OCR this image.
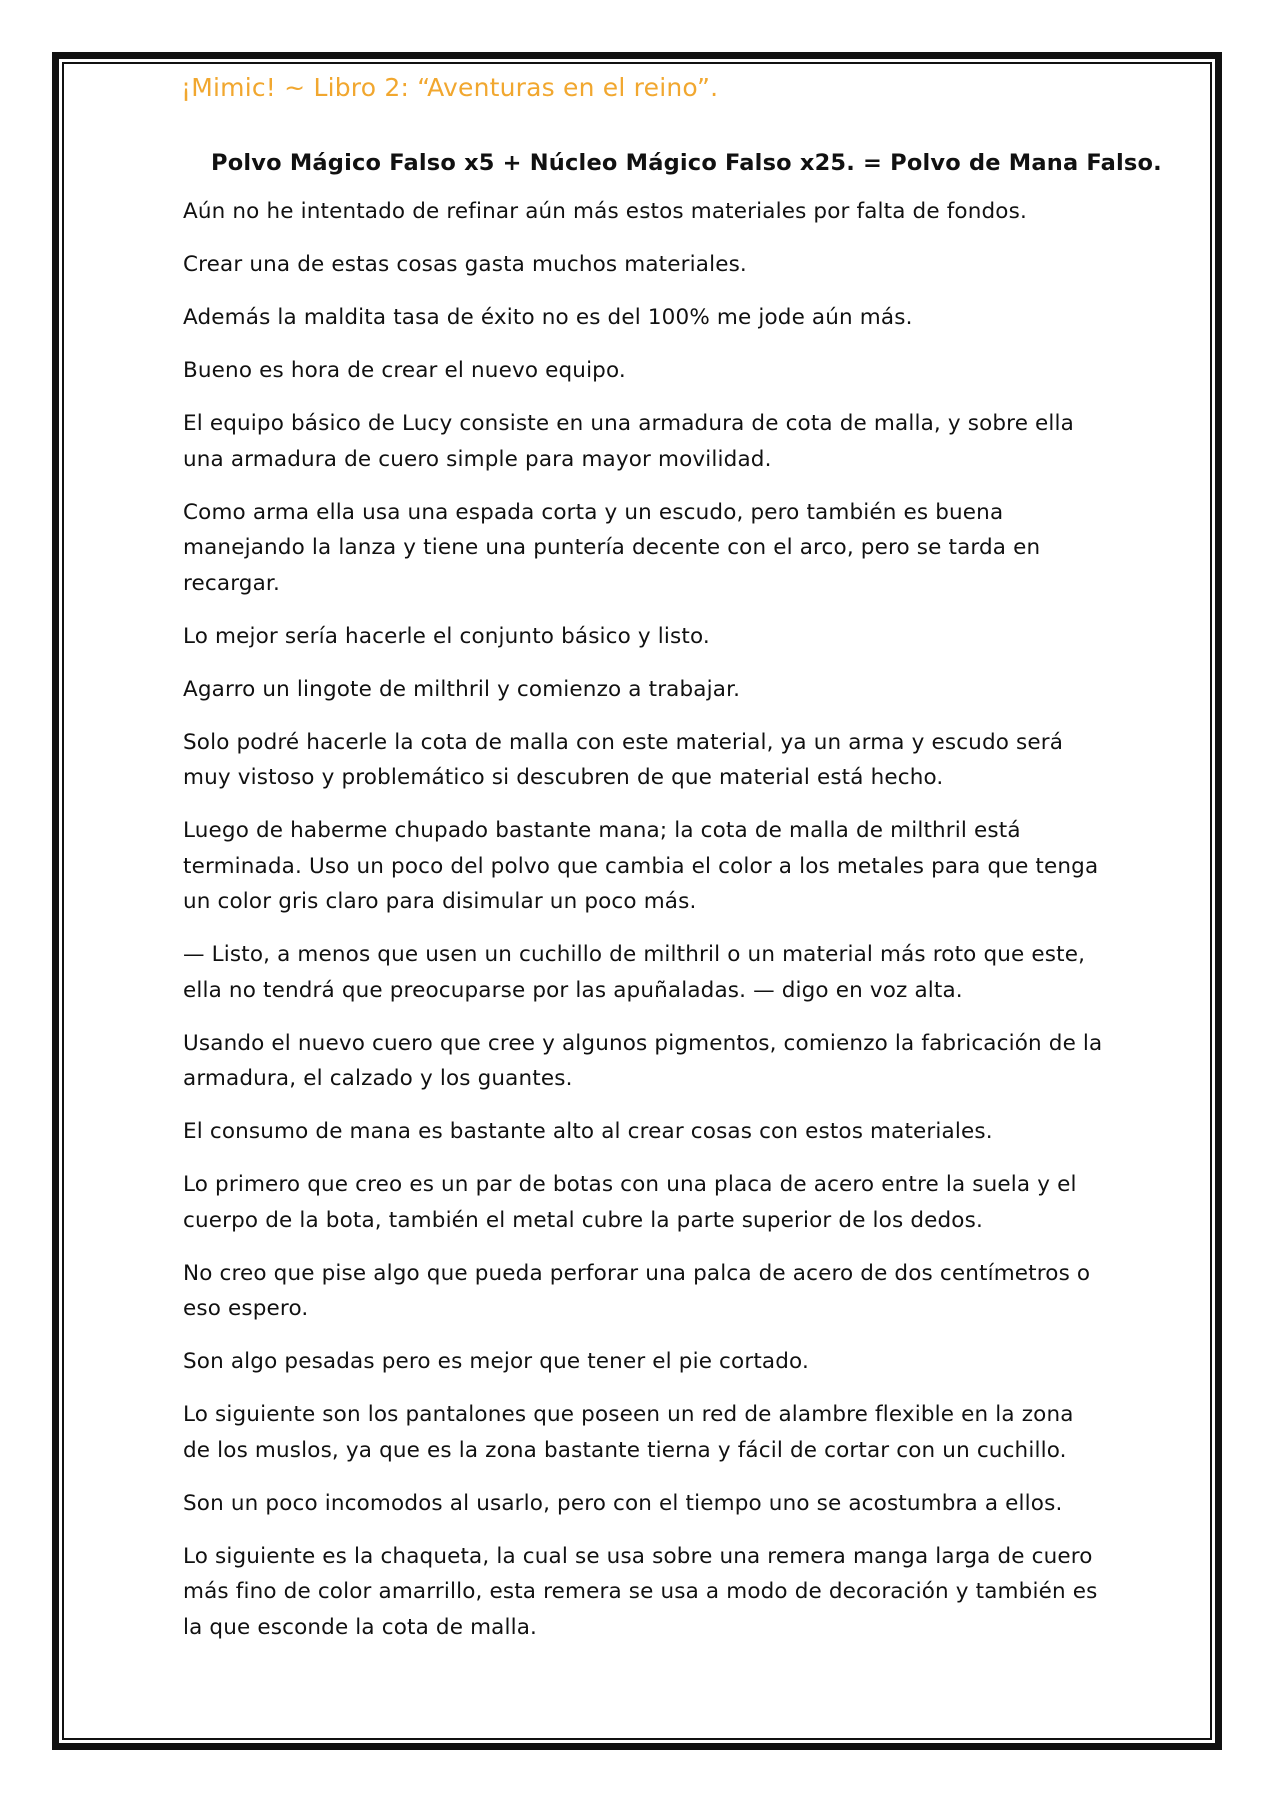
¡Mimic! ~ Libro 2: “Aventuras en el reino”.
Polvo Mágico Falso x5 + Núcleo Mágico Falso x25. = Polvo de Mana Falso.

Aún no he intentado de refinar aún más estos materiales por falta de fondos.

Crear una de estas cosas gasta muchos materiales.

Además la maldita tasa de éxito no es del 100% me jode aún más.

Bueno es hora de crear el nuevo equipo.

El equipo básico de Lucy consiste en una armadura de cota de malla, y sobre ella una armadura de cuero simple para mayor movilidad.

Como arma ella usa una espada corta y un escudo, pero también es buena manejando la lanza y tiene una puntería decente con el arco, pero se tarda en recargar.

Lo mejor sería hacerle el conjunto básico y listo.

Agarro un lingote de milthril y comienzo a trabajar.

Solo podré hacerle la cota de malla con este material, ya un arma y escudo será muy vistoso y problemático si descubren de que material está hecho.

Luego de haberme chupado bastante mana; la cota de malla de milthril está terminada. Uso un poco del polvo que cambia el color a los metales para que tenga un color gris claro para disimular un poco más.

— Listo, a menos que usen un cuchillo de milthril o un material más roto que este, ella no tendrá que preocuparse por las apuñaladas. — digo en voz alta.

Usando el nuevo cuero que cree y algunos pigmentos, comienzo la fabricación de la armadura, el calzado y los guantes.

El consumo de mana es bastante alto al crear cosas con estos materiales.

Lo primero que creo es un par de botas con una placa de acero entre la suela y el cuerpo de la bota, también el metal cubre la parte superior de los dedos.

No creo que pise algo que pueda perforar una palca de acero de dos centímetros o eso espero.

Son algo pesadas pero es mejor que tener el pie cortado.

Lo siguiente son los pantalones que poseen un red de alambre flexible en la zona de los muslos, ya que es la zona bastante tierna y fácil de cortar con un cuchillo.

Son un poco incomodos al usarlo, pero con el tiempo uno se acostumbra a ellos.

Lo siguiente es la chaqueta, la cual se usa sobre una remera manga larga de cuero más fino de color amarrillo, esta remera se usa a modo de decoración y también es la que esconde la cota de malla.
